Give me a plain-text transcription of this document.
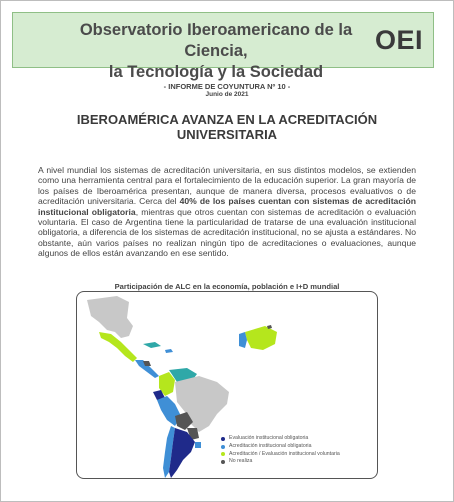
Observatorio Iberoamericano de la Ciencia,
la Tecnología y la Sociedad
OEI
- INFORME DE COYUNTURA Nº 10 -
Junio de 2021
IBEROAMÉRICA AVANZA EN LA ACREDITACIÓN
UNIVERSITARIA

A nivel mundial los sistemas de acreditación universitaria, en sus distintos modelos, se extienden como una herramienta central para el fortalecimiento de la educación superior. La gran mayoría de los países de Iberoamérica presentan, aunque de manera diversa, procesos evaluativos o de acreditación universitaria. Cerca del 40% de los países cuentan con sistemas de acreditación institucional obligatoria, mientras que otros cuentan con sistemas de acreditación o evaluación voluntaria. El caso de Argentina tiene la particularidad de tratarse de una evaluación institucional obligatoria, a diferencia de los sistemas de acreditación institucional, no se ajusta a estándares. No obstante, aún varios países no realizan ningún tipo de acreditaciones o evaluaciones, aunque algunos de ellos están avanzando en ese sentido.

Participación de ALC en la economía, población e I+D mundial
Evaluación institucional obligatoria
Acreditación institucional obligatoria
Acreditación / Evaluación institucional voluntaria
No realiza
